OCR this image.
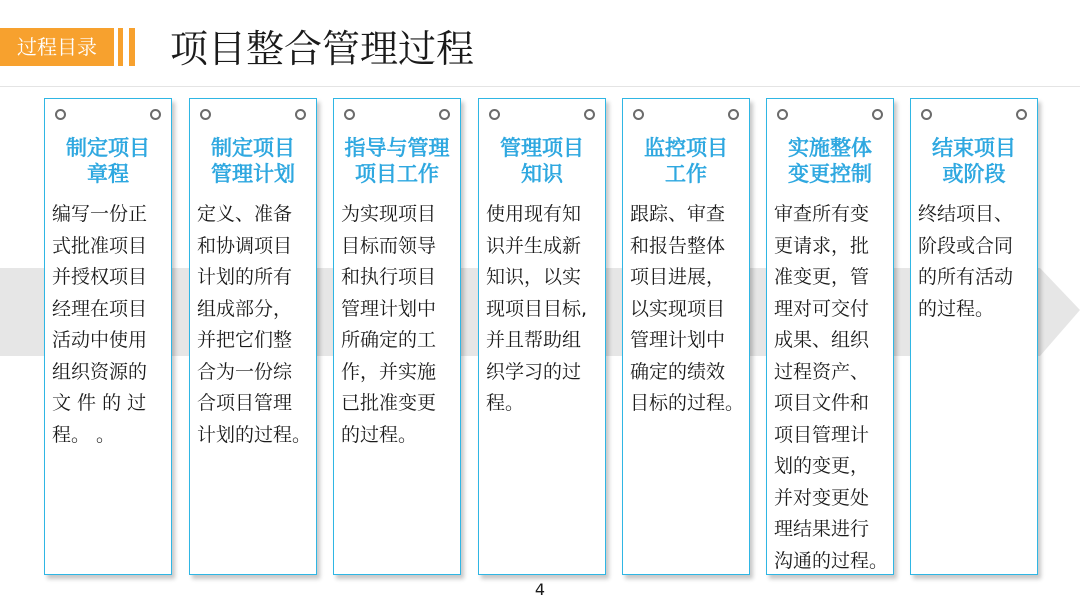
过程目录	项目整合管理过程
制定项目
章程
编写一份正
式批准项目
并授权项目
经理在项目
活动中使用
组织资源的
文 件 的 过
程。 。
制定项目
管理计划
定义、准备
和协调项目
计划的所有
组成部分，
并把它们整
合为一份综
合项目管理
计划的过程。
指导与管理
项目工作
为实现项目
目标而领导
和执行项目
管理计划中
所确定的工
作，并实施
已批准变更
的过程。
管理项目
知识
使用现有知
识并生成新
知识，以实
现项目目标,
并且帮助组
织学习的过
程。
监控项目
工作
跟踪、审查
和报告整体
项目进展，
以实现项目
管理计划中
确定的绩效
目标的过程。
实施整体
变更控制
审查所有变
更请求，批
准变更，管
理对可交付
成果、组织
过程资产、
项目文件和
项目管理计
划的变更，
并对变更处
理结果进行
沟通的过程。
结束项目
或阶段
终结项目、
阶段或合同
的所有活动
的过程。
4
